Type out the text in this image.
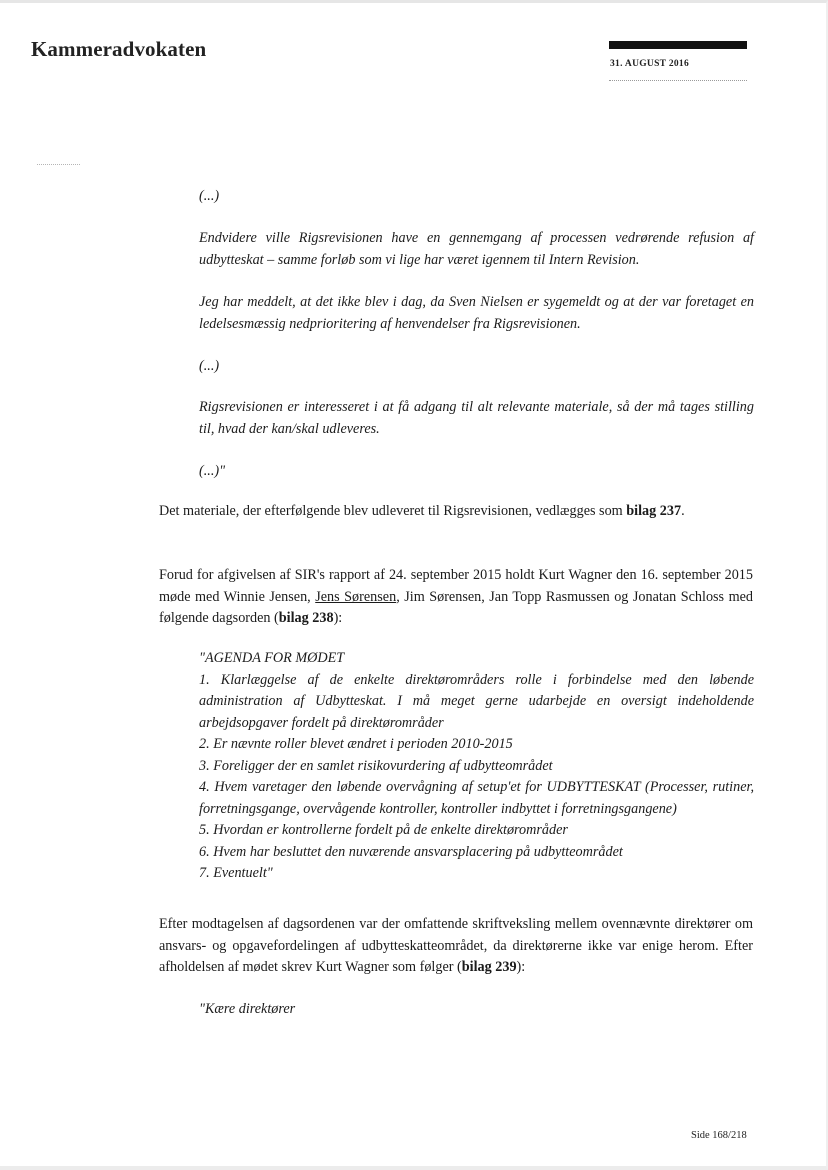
Kammeradvokaten
31. AUGUST 2016
(...)
Endvidere ville Rigsrevisionen have en gennemgang af processen vedrørende refusion af udbytteskat – samme forløb som vi lige har været igennem til Intern Revision.
Jeg har meddelt, at det ikke blev i dag, da Sven Nielsen er sygemeldt og at der var foretaget en ledelsesmæssig nedprioritering af henvendelser fra Rigsrevisionen.
(...)
Rigsrevisionen er interesseret i at få adgang til alt relevante materiale, så der må tages stilling til, hvad der kan/skal udleveres.
(...)"
Det materiale, der efterfølgende blev udleveret til Rigsrevisionen, vedlægges som bilag 237.
Forud for afgivelsen af SIR's rapport af 24. september 2015 holdt Kurt Wagner den 16. september 2015 møde med Winnie Jensen, Jens Sørensen, Jim Sørensen, Jan Topp Rasmussen og Jonatan Schloss med følgende dagsorden (bilag 238):
"AGENDA FOR MØDET
1. Klarlæggelse af de enkelte direktørområders rolle i forbindelse med den løbende administration af Udbytteskat. I må meget gerne udarbejde en oversigt indeholdende arbejdsopgaver fordelt på direktørområder
2. Er nævnte roller blevet ændret i perioden 2010-2015
3. Foreligger der en samlet risikovurdering af udbytteområdet
4. Hvem varetager den løbende overvågning af setup'et for UDBYTTESKAT (Processer, rutiner, forretningsgange, overvågende kontroller, kontroller indbyttet i forretningsgangene)
5. Hvordan er kontrollerne fordelt på de enkelte direktørområder
6. Hvem har besluttet den nuværende ansvarsplacering på udbytteområdet
7. Eventuelt"
Efter modtagelsen af dagsordenen var der omfattende skriftveksling mellem ovennævnte direktører om ansvars- og opgavefordelingen af udbytteskatteområdet, da direktørerne ikke var enige herom. Efter afholdelsen af mødet skrev Kurt Wagner som følger (bilag 239):
"Kære direktører
Side 168/218
